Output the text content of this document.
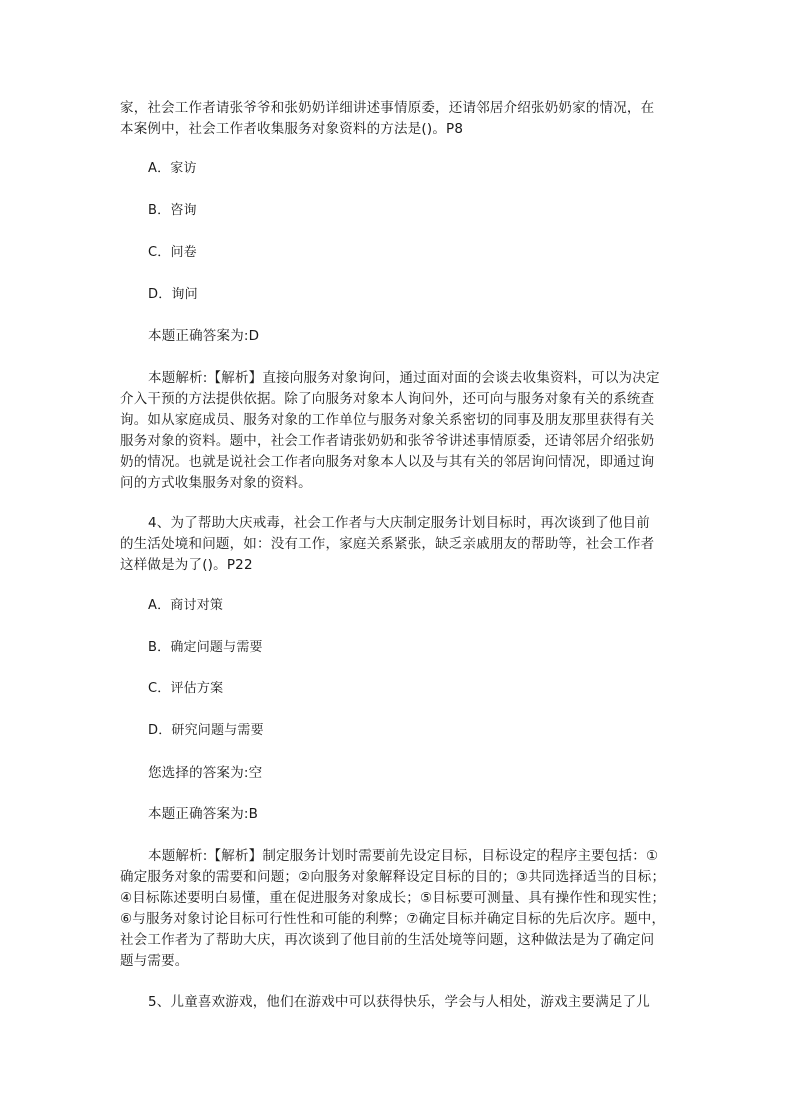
家，社会工作者请张爷爷和张奶奶详细讲述事情原委，还请邻居介绍张奶奶家的情况，在
本案例中，社会工作者收集服务对象资料的方法是()。P8
A．家访
B．咨询
C．问卷
D．询问
本题正确答案为:D
本题解析:【解析】直接向服务对象询问，通过面对面的会谈去收集资料，可以为决定
介入干预的方法提供依据。除了向服务对象本人询问外，还可向与服务对象有关的系统查
询。如从家庭成员、服务对象的工作单位与服务对象关系密切的同事及朋友那里获得有关
服务对象的资料。题中，社会工作者请张奶奶和张爷爷讲述事情原委，还请邻居介绍张奶
奶的情况。也就是说社会工作者向服务对象本人以及与其有关的邻居询问情况，即通过询
问的方式收集服务对象的资料。
4、为了帮助大庆戒毒，社会工作者与大庆制定服务计划目标时，再次谈到了他目前
的生活处境和问题，如：没有工作，家庭关系紧张，缺乏亲戚朋友的帮助等，社会工作者
这样做是为了()。P22
A．商讨对策
B．确定问题与需要
C．评估方案
D．研究问题与需要
您选择的答案为:空
本题正确答案为:B
本题解析:【解析】制定服务计划时需要前先设定目标，目标设定的程序主要包括：①
确定服务对象的需要和问题；②向服务对象解释设定目标的目的；③共同选择适当的目标；
④目标陈述要明白易懂，重在促进服务对象成长；⑤目标要可测量、具有操作性和现实性；
⑥与服务对象讨论目标可行性性和可能的利弊；⑦确定目标并确定目标的先后次序。题中，
社会工作者为了帮助大庆，再次谈到了他目前的生活处境等问题，这种做法是为了确定问
题与需要。
5、儿童喜欢游戏，他们在游戏中可以获得快乐，学会与人相处，游戏主要满足了儿
